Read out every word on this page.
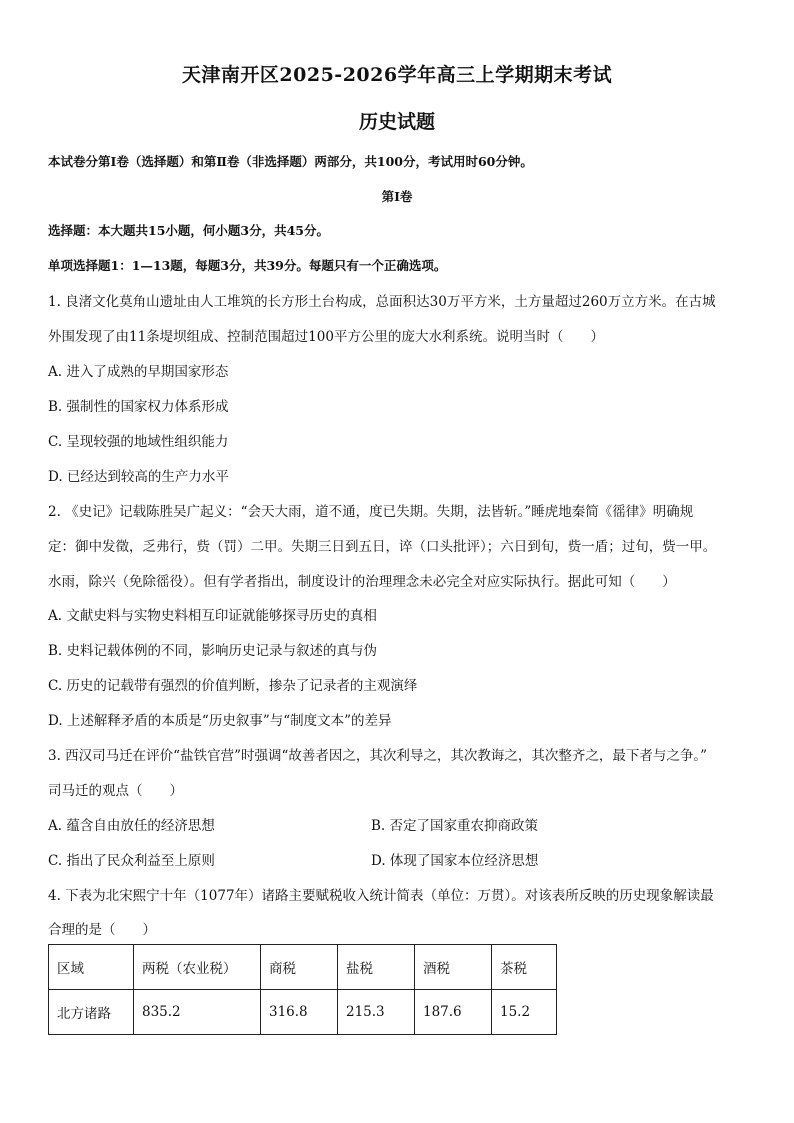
天津南开区2025-2026学年高三上学期期末考试
历史试题
本试卷分第Ⅰ卷（选择题）和第Ⅱ卷（非选择题）两部分，共100分，考试用时60分钟。
第Ⅰ卷
选择题：本大题共15小题，何小题3分，共45分。
单项选择题1：1—13题，每题3分，共39分。每题只有一个正确选项。
1. 良渚文化莫角山遗址由人工堆筑的长方形土台构成，总面积达30万平方米，土方量超过260万立方米。在古城
外围发现了由11条堤坝组成、控制范围超过100平方公里的庞大水利系统。说明当时（　　）
A. 进入了成熟的早期国家形态
B. 强制性的国家权力体系形成
C. 呈现较强的地域性组织能力
D. 已经达到较高的生产力水平
2. 《史记》记载陈胜吴广起义：“会天大雨，道不通，度已失期。失期，法皆斩。”睡虎地秦简《徭律》明确规
定：御中发徵，乏弗行，赀（罚）二甲。失期三日到五日，谇（口头批评）；六日到旬，赀一盾；过旬，赀一甲。
水雨，除兴（免除徭役）。但有学者指出，制度设计的治理理念未必完全对应实际执行。据此可知（　　）
A. 文献史料与实物史料相互印证就能够探寻历史的真相
B. 史料记载体例的不同，影响历史记录与叙述的真与伪
C. 历史的记载带有强烈的价值判断，掺杂了记录者的主观演绎
D. 上述解释矛盾的本质是“历史叙事”与“制度文本”的差异
3. 西汉司马迁在评价“盐铁官营”时强调“故善者因之，其次利导之，其次教诲之，其次整齐之，最下者与之争。”
司马迁的观点（　　）
A. 蕴含自由放任的经济思想	B. 否定了国家重农抑商政策
C. 指出了民众利益至上原则	D. 体现了国家本位经济思想
4. 下表为北宋熙宁十年（1077年）诸路主要赋税收入统计简表（单位：万贯）。对该表所反映的历史现象解读最
合理的是（　　）
区域	两税（农业税）	商税	盐税	酒税	茶税
北方诸路	835.2	316.8	215.3	187.6	15.2
